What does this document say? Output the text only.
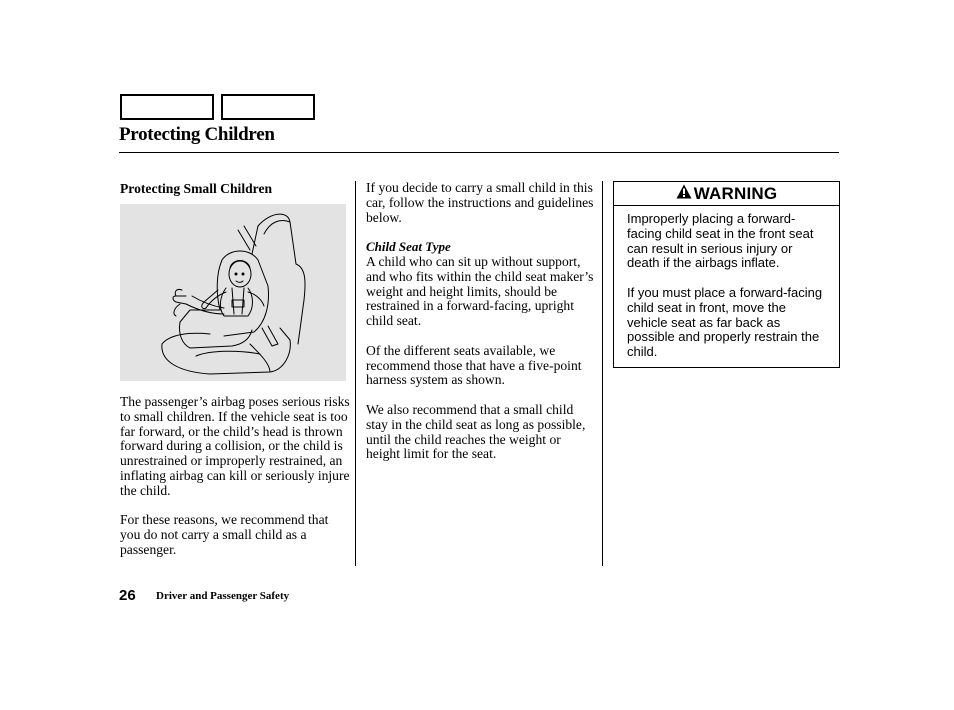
Protecting Children
Protecting Small Children

The passenger’s airbag poses serious risks to small children. If the vehicle seat is too far forward, or the child’s head is thrown forward during a collision, or the child is unrestrained or improperly restrained, an inflating airbag can kill or seriously injure the child.

For these reasons, we recommend that you do not carry a small child as a passenger.

If you decide to carry a small child in this car, follow the instructions and guidelines below.

Child Seat Type

A child who can sit up without support, and who fits within the child seat maker’s weight and height limits, should be restrained in a forward-facing, upright child seat.

Of the different seats available, we recommend those that have a five-point harness system as shown.

We also recommend that a small child stay in the child seat as long as possible, until the child reaches the weight or height limit for the seat.

WARNING

Improperly placing a forward-facing child seat in the front seat can result in serious injury or death if the airbags inflate.

If you must place a forward-facing child seat in front, move the vehicle seat as far back as possible and properly restrain the child.

26 Driver and Passenger Safety
